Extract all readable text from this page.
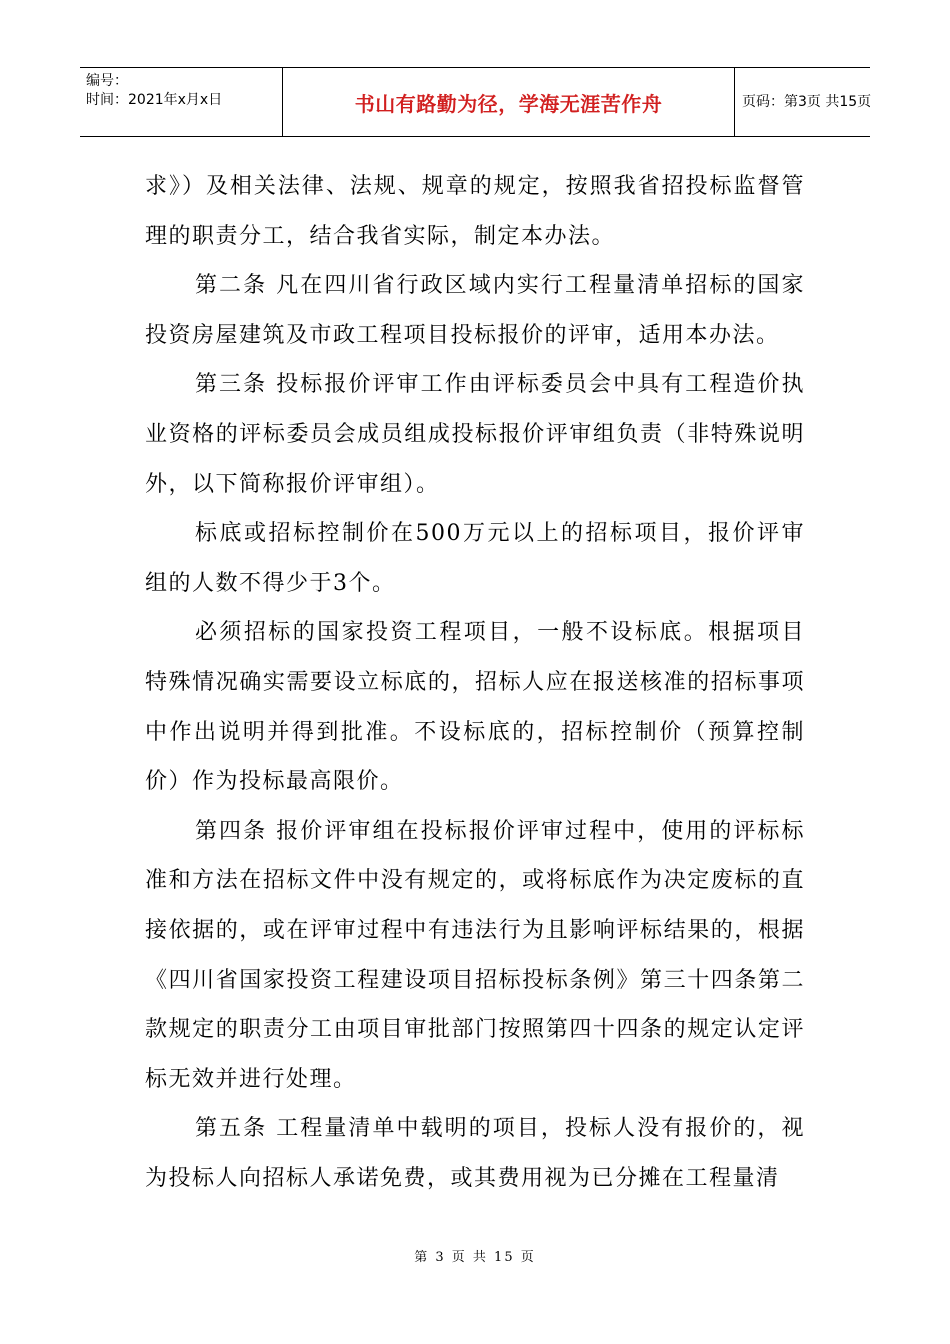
编号：
时间：2021年x月x日	书山有路勤为径，学海无涯苦作舟	页码：第3页 共15页

求》）及相关法律、法规、规章的规定，按照我省招投标监督管理的职责分工，结合我省实际，制定本办法。

第二条 凡在四川省行政区域内实行工程量清单招标的国家投资房屋建筑及市政工程项目投标报价的评审，适用本办法。

第三条 投标报价评审工作由评标委员会中具有工程造价执业资格的评标委员会成员组成投标报价评审组负责（非特殊说明外，以下简称报价评审组）。

标底或招标控制价在500万元以上的招标项目，报价评审组的人数不得少于3个。

必须招标的国家投资工程项目，一般不设标底。根据项目特殊情况确实需要设立标底的，招标人应在报送核准的招标事项中作出说明并得到批准。不设标底的，招标控制价（预算控制价）作为投标最高限价。

第四条 报价评审组在投标报价评审过程中，使用的评标标准和方法在招标文件中没有规定的，或将标底作为决定废标的直接依据的，或在评审过程中有违法行为且影响评标结果的，根据《四川省国家投资工程建设项目招标投标条例》第三十四条第二款规定的职责分工由项目审批部门按照第四十四条的规定认定评标无效并进行处理。

第五条 工程量清单中载明的项目，投标人没有报价的，视为投标人向招标人承诺免费，或其费用视为已分摊在工程量清

第 3 页 共 15 页
